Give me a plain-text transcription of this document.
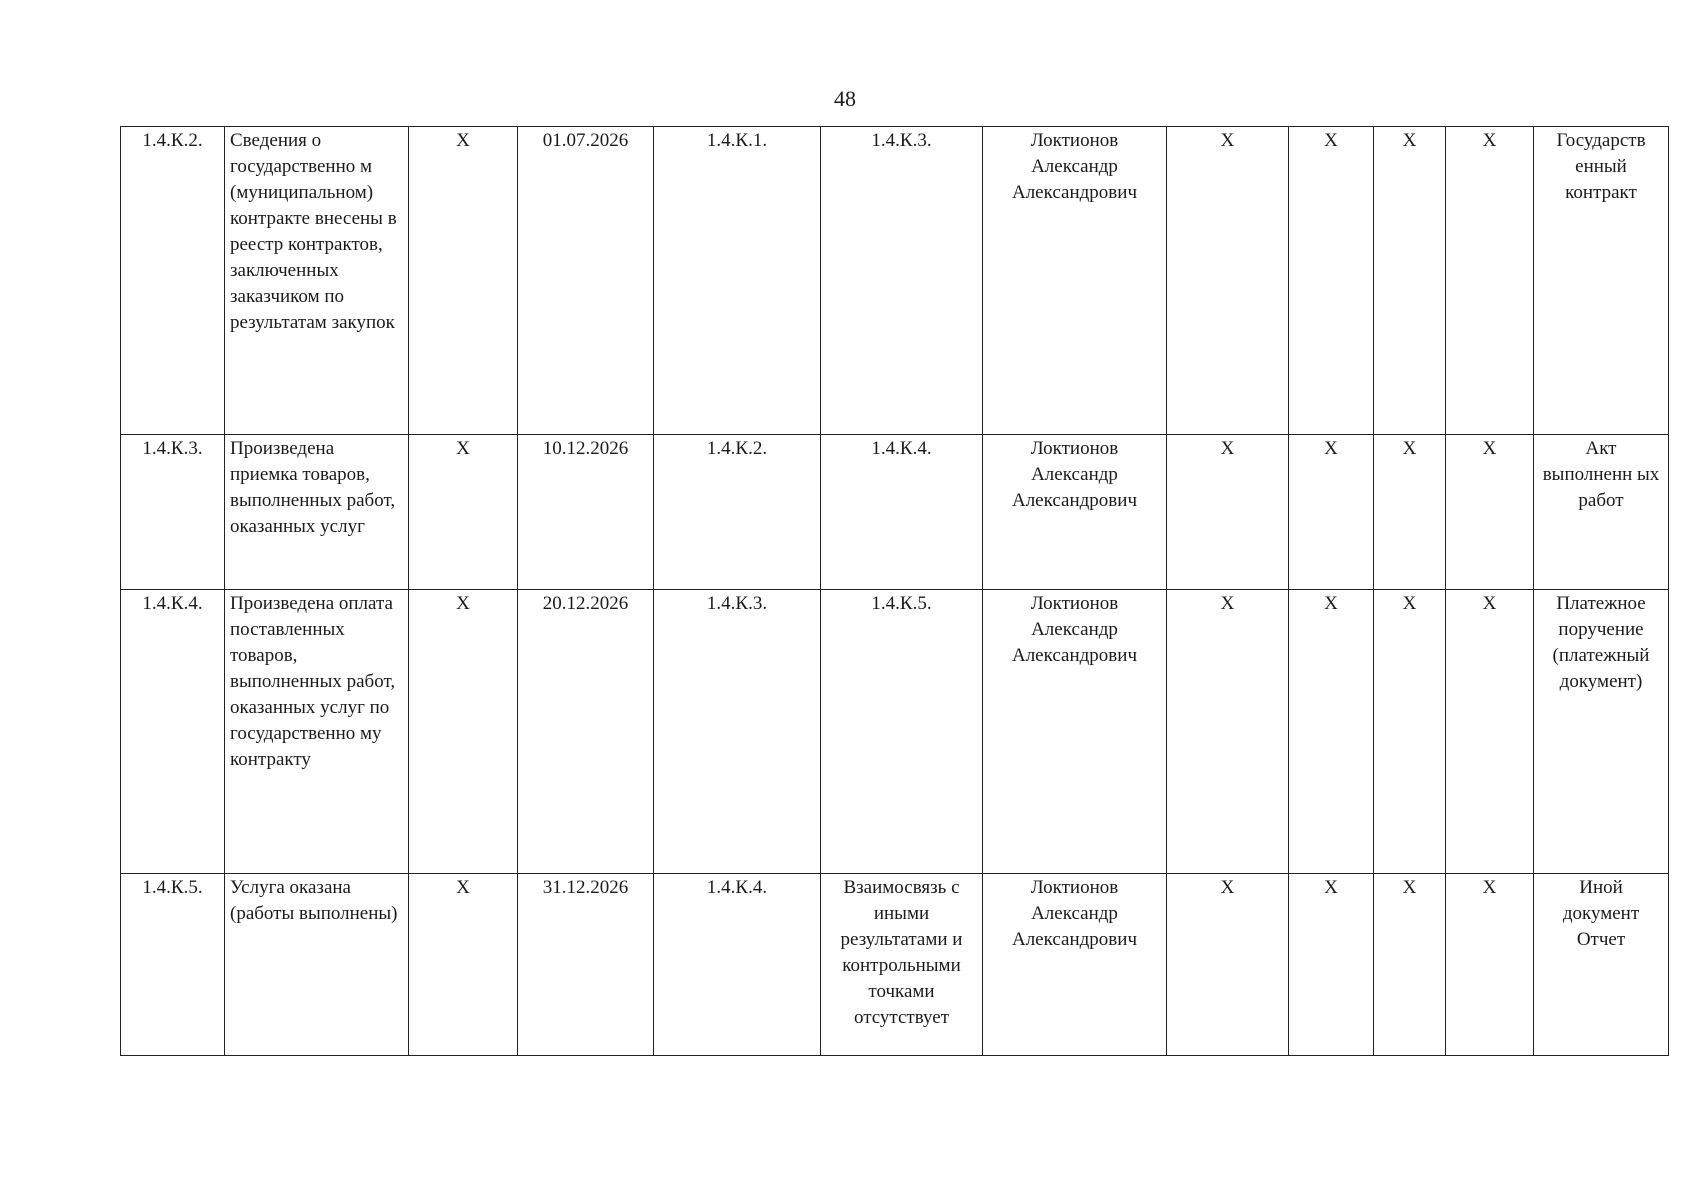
48
1.4.К.2.	Сведения о государственно м (муниципальном) контракте внесены в реестр контрактов, заключенных заказчиком по результатам закупок	Х	01.07.2026	1.4.К.1.	1.4.К.3.	Локтионов Александр Александрович	Х	Х	Х	Х	Государств енный контракт
1.4.К.3.	Произведена приемка товаров, выполненных работ, оказанных услуг	Х	10.12.2026	1.4.К.2.	1.4.К.4.	Локтионов Александр Александрович	Х	Х	Х	Х	Акт выполненн ых работ
1.4.К.4.	Произведена оплата поставленных товаров, выполненных работ, оказанных услуг по государственно му контракту	Х	20.12.2026	1.4.К.3.	1.4.К.5.	Локтионов Александр Александрович	Х	Х	Х	Х	Платежное поручение (платежный документ)
1.4.К.5.	Услуга оказана (работы выполнены)	Х	31.12.2026	1.4.К.4.	Взаимосвязь с иными результатами и контрольными точками отсутствует	Локтионов Александр Александрович	Х	Х	Х	Х	Иной документ Отчет
